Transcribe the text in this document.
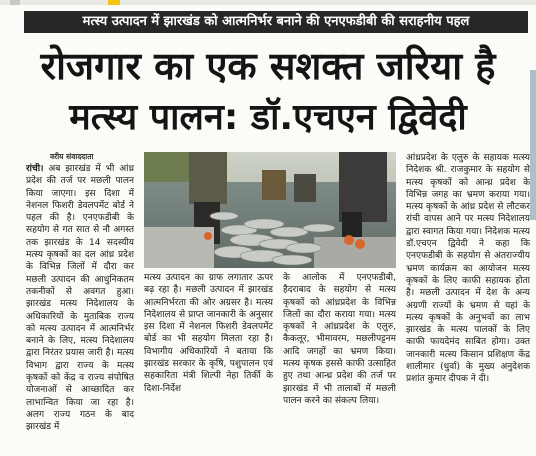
मत्स्य उत्पादन में झारखंड को आत्मनिर्भर बनाने की एनएफडीबी की सराहनीय पहल
रोजगार का एक सशक्त जरिया है
मत्स्य पालन: डॉ.एचएन द्विवेदी
वरीय संवाददाता
रांची। अब झारखंड में भी आंध्र प्रदेश की तर्ज पर मछली पालन किया जाएगा। इस दिशा में नेशनल फिशरी डेवलपमेंट बोर्ड ने पहल की है। एनएफडीबी के सहयोग से गत सात से नौ अगस्त तक झारखंड के 14 सदस्यीय मत्स्य कृषकों का दल आंध्र प्रदेश के विभिन्न जिलों में दौरा कर मछली उत्पादन की आधुनिकतम तकनीकों से अवगत हुआ। झारखंड मत्स्य निदेशालय के अधिकारियों के मुताबिक राज्य को मत्स्य उत्पादन में आत्मनिर्भर बनाने के लिए, मत्स्य निदेशालय द्वारा निरंतर प्रयास जारी है। मत्स्य विभाग द्वारा राज्य के मत्स्य कृषकों को केंद्र व राज्य संपोषित योजनाओं से आच्छादित कर लाभान्वित किया जा रहा है। अलग राज्य गठन के बाद झारखंड में
मत्स्य उत्पादन का ग्राफ लगातार ऊपर बढ़ रहा है। मछली उत्पादन में झारखंड आत्मनिर्भरता की ओर अग्रसर है। मत्स्य निदेशालय से प्राप्त जानकारी के अनुसार इस दिशा में नेशनल फिशरी डेवलपमेंट बोर्ड का भी सहयोग मिलता रहा है। विभागीय अधिकारियों ने बताया कि झारखंड सरकार के कृषि, पशुपालन एवं सहकारिता मंत्री शिल्पी नेहा तिर्की के दिशा-निर्देश
के आलोक में एनएफडीबी, हैदराबाद के सहयोग से मत्स्य कृषकों को आंध्रप्रदेश के विभिन्न जिलों का दौरा कराया गया। मत्स्य कृषकों ने आंध्रप्रदेश के एलुरु, कैकलूर, भीमावरम, मछलीपट्टनम आदि जगहों का भ्रमण किया। मत्स्य कृषक इससे काफी उत्साहित हुए तथा आन्ध्र प्रदेश की तर्ज पर झारखंड में भी तालाबों में मछली पालन करने का संकल्प लिया।
आंध्रप्रदेश के एलुरु के सहायक मत्स्य निदेशक श्री. राजकुमार के सहयोग से मत्स्य कृषकों को आन्ध्र प्रदेश के विभिन्न जगह का भ्रमण कराया गया। मत्स्य कृषकों के आंध्र प्रदेश से लौटकर रांची वापस आने पर मत्स्य निदेशालय द्वारा स्वागत किया गया। निदेशक मत्स्य डॉ.एचएन द्विवेदी ने कहा कि एनएफडीबी के सहयोग से अंतराज्यीय भ्रमण कार्यक्रम का आयोजन मत्स्य कृषकों के लिए काफी सहायक होता है। मछली उत्पादन में देश के अन्य अग्रणी राज्यों के भ्रमण से यहां के मत्स्य कृषकों के अनुभवों का लाभ झारखंड के मत्स्य पालकों के लिए काफी फायदेमंद साबित होगा। उक्त जानकारी मत्स्य किसान प्रशिक्षण केंद्र शालीमार (धुर्वा) के मुख्य अनुदेशक प्रशांत कुमार दीपक ने दी।
